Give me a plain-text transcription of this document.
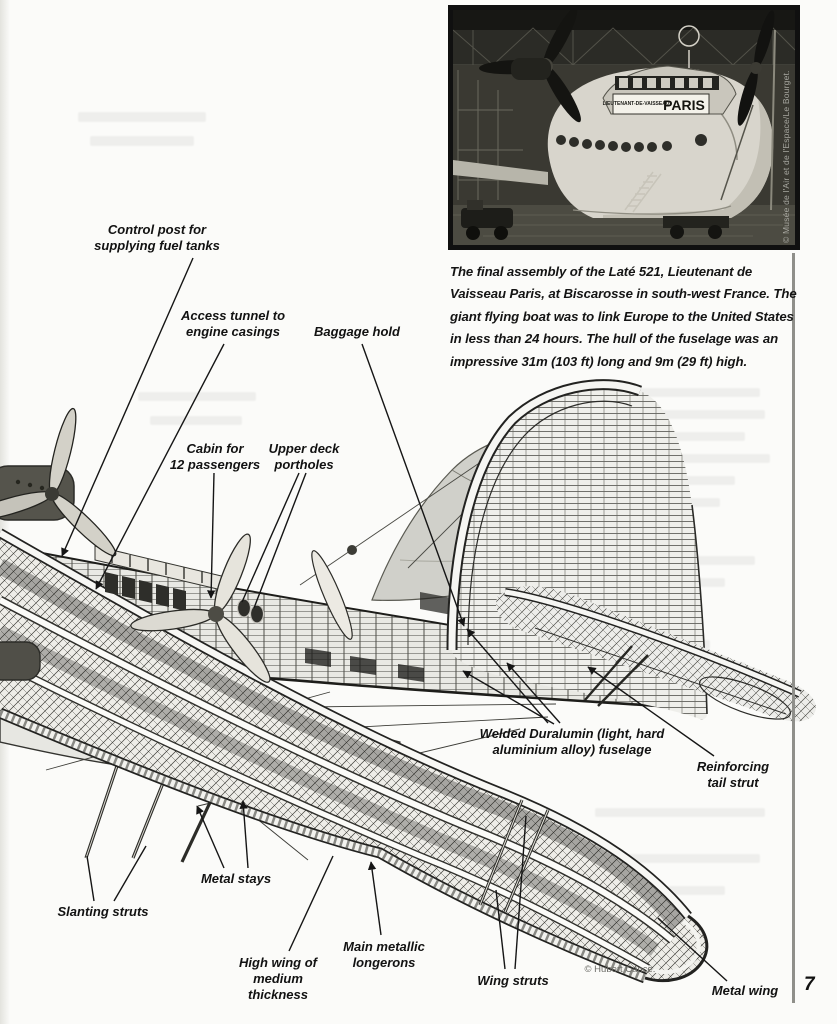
LIEUTENANT-DE-VAISSEAU
PARIS	© Musée de l'Air et de l'Espace/Le Bourget.
The final assembly of the Laté 521, Lieutenant de Vaisseau Paris, at Biscarosse in south-west France. The giant flying boat was to link Europe to the United States in less than 24 hours. The hull of the fuselage was an impressive 31m (103 ft) long and 9m (29 ft) high.
Control post for
supplying fuel tanks
Access tunnel to
engine casings	Baggage hold
Cabin for
12 passengers
Upper deck
portholes
Welded Duralumin (light, hard
aluminium alloy) fuselage
Reinforcing
tail strut
Metal stays
Slanting struts
High wing of
medium
thickness
Main metallic
longerons
Wing struts
Metal wing
© Hubert Cance.
7
